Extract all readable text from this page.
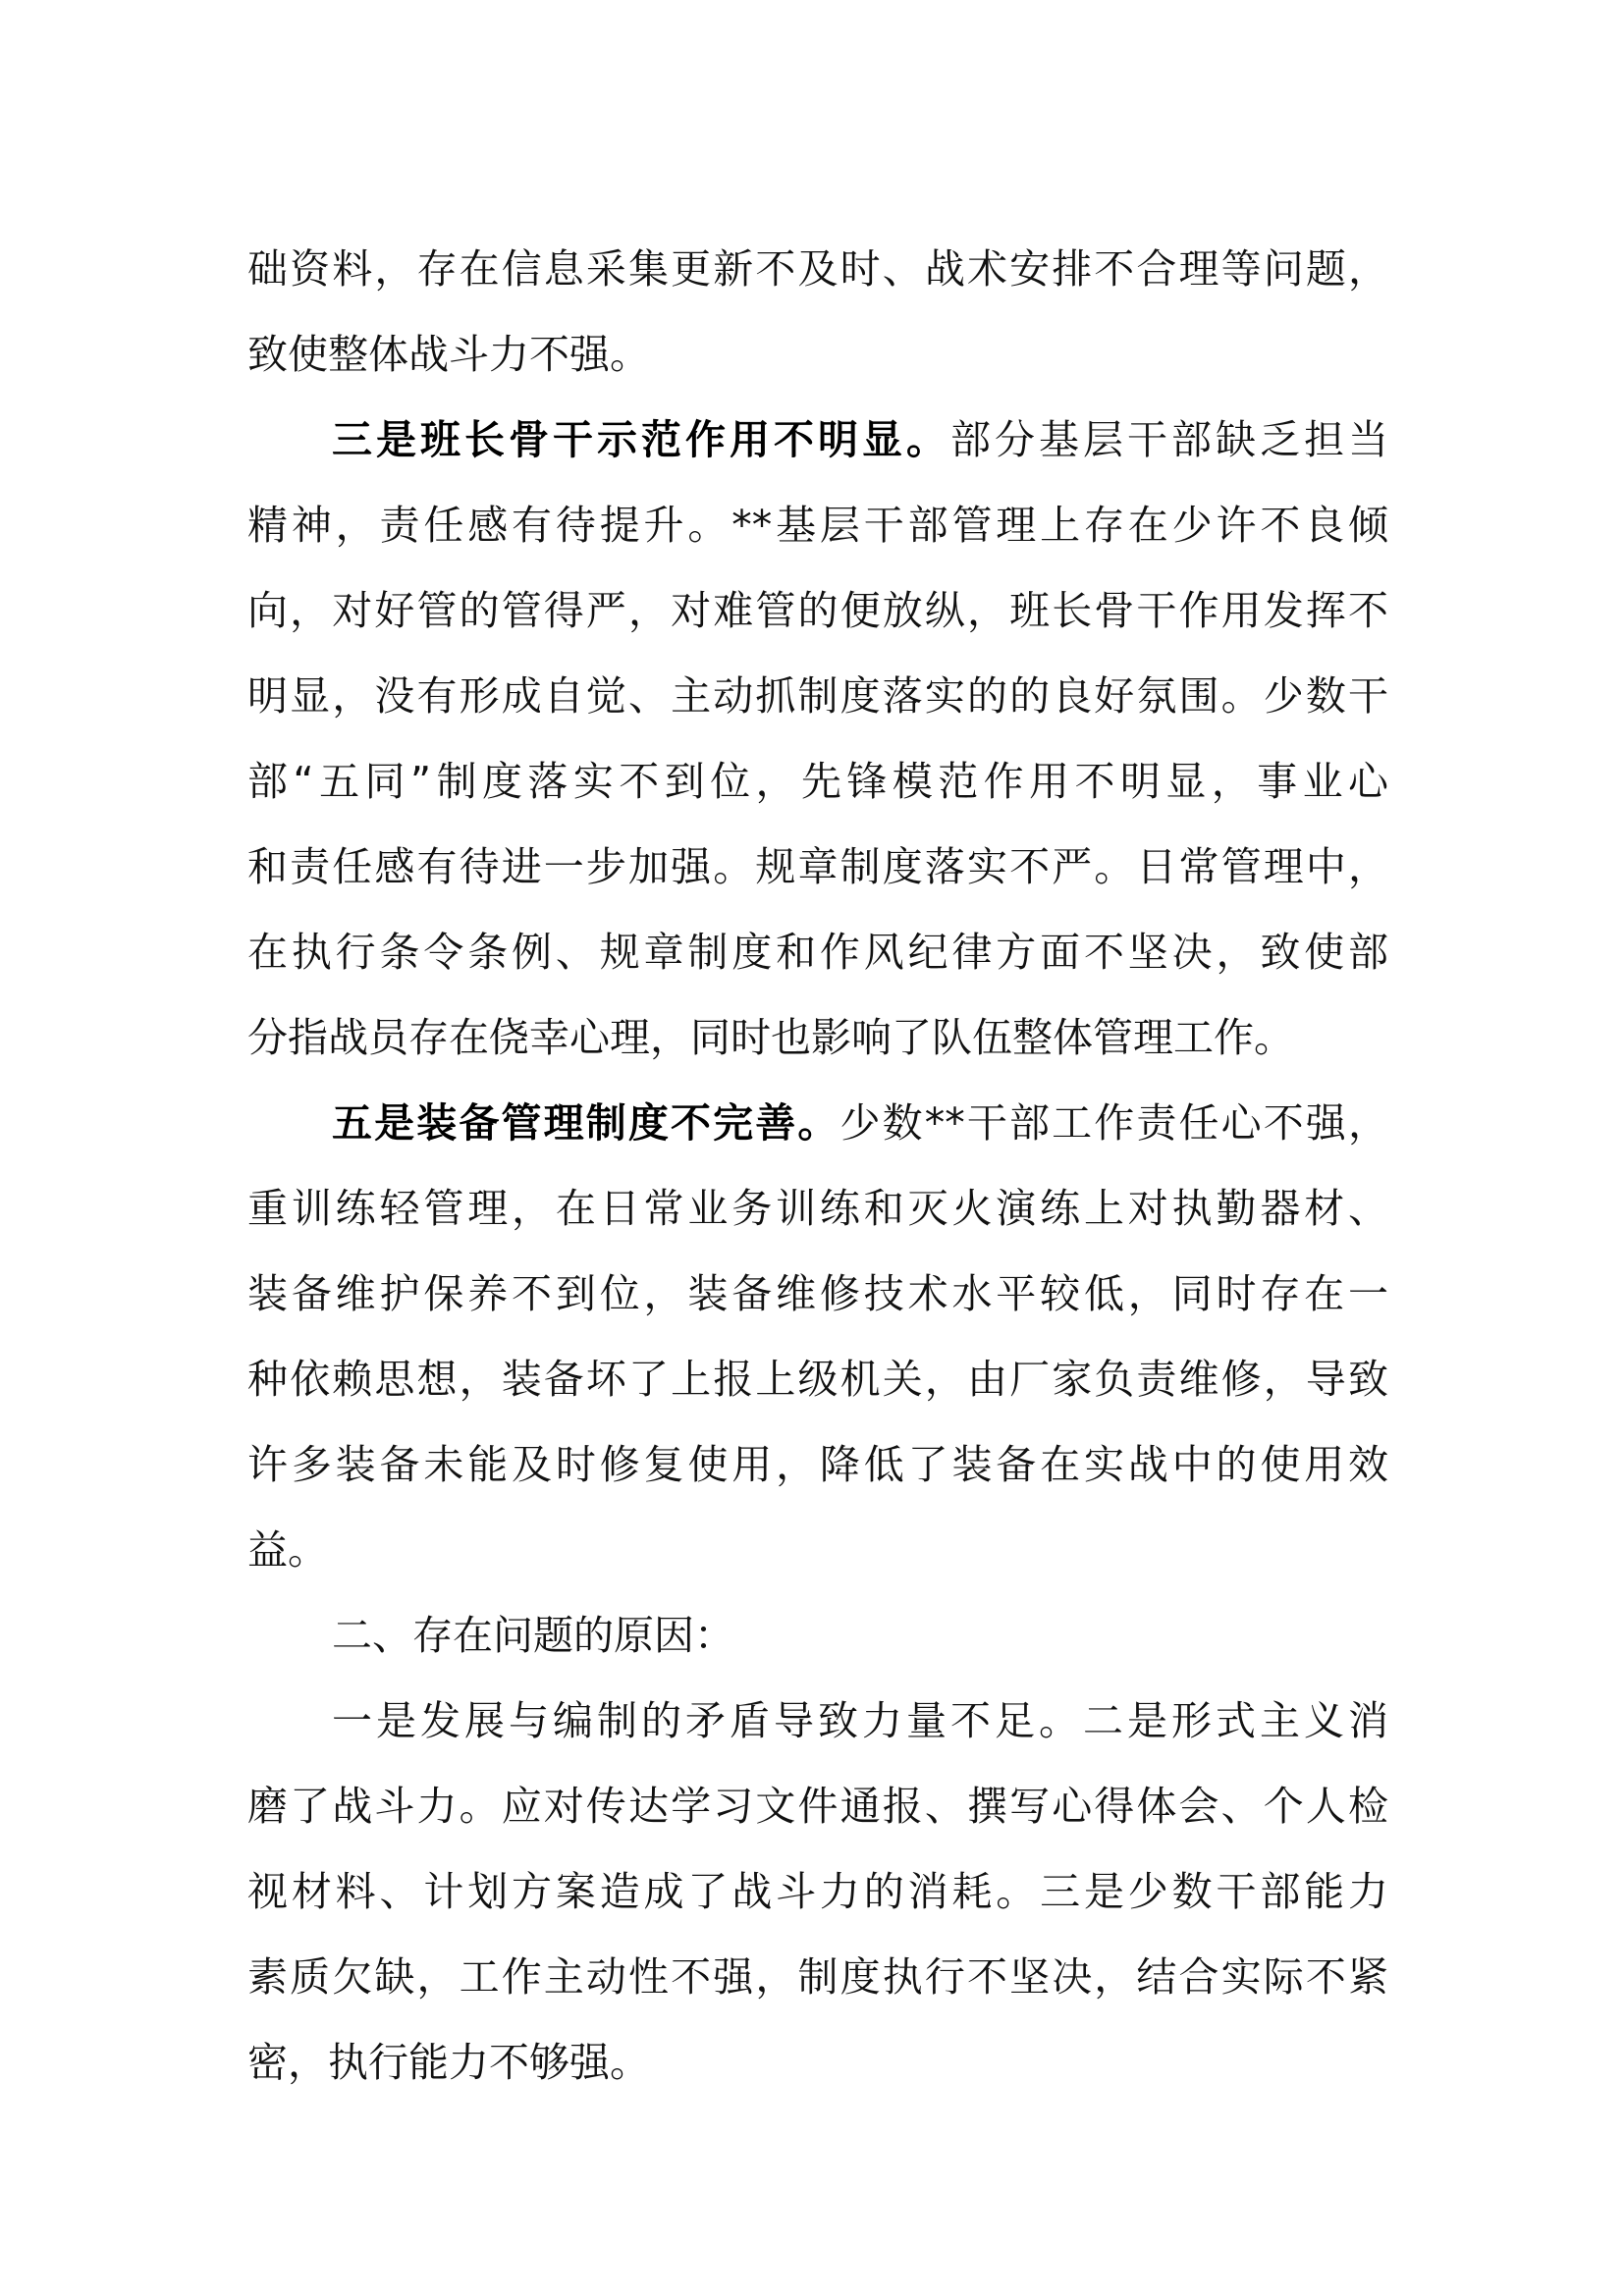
础资料，存在信息采集更新不及时、战术安排不合理等问题，
致使整体战斗力不强。
三是班长骨干示范作用不明显。部分基层干部缺乏担当
精神，责任感有待提升。**基层干部管理上存在少许不良倾
向，对好管的管得严，对难管的便放纵，班长骨干作用发挥不
明显，没有形成自觉、主动抓制度落实的的良好氛围。少数干
部“五同”制度落实不到位，先锋模范作用不明显，事业心
和责任感有待进一步加强。规章制度落实不严。日常管理中，
在执行条令条例、规章制度和作风纪律方面不坚决，致使部
分指战员存在侥幸心理，同时也影响了队伍整体管理工作。
五是装备管理制度不完善。少数**干部工作责任心不强，
重训练轻管理，在日常业务训练和灭火演练上对执勤器材、
装备维护保养不到位，装备维修技术水平较低，同时存在一
种依赖思想，装备坏了上报上级机关，由厂家负责维修，导致
许多装备未能及时修复使用，降低了装备在实战中的使用效
益。
二、存在问题的原因：
一是发展与编制的矛盾导致力量不足。二是形式主义消
磨了战斗力。应对传达学习文件通报、撰写心得体会、个人检
视材料、计划方案造成了战斗力的消耗。三是少数干部能力
素质欠缺，工作主动性不强，制度执行不坚决，结合实际不紧
密，执行能力不够强。
